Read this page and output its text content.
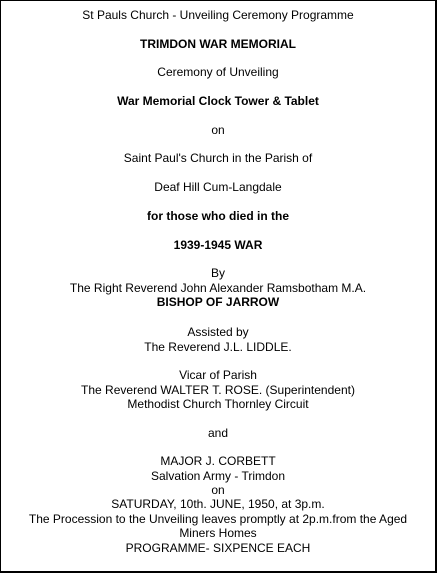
St Pauls Church - Unveiling Ceremony Programme
TRIMDON WAR MEMORIAL
Ceremony of Unveiling
War Memorial Clock Tower & Tablet
on
Saint Paul's Church in the Parish of
Deaf Hill Cum-Langdale
for those who died in the
1939-1945 WAR
By
The Right Reverend John Alexander Ramsbotham M.A.
BISHOP OF JARROW
Assisted by
The Reverend J.L. LIDDLE.
Vicar of Parish
The Reverend WALTER T. ROSE. (Superintendent)
Methodist Church Thornley Circuit
and
MAJOR J. CORBETT
Salvation Army - Trimdon
on
SATURDAY, 10th. JUNE, 1950, at 3p.m.
The Procession to the Unveiling leaves promptly at 2p.m.from the Aged
Miners Homes
PROGRAMME- SIXPENCE EACH
